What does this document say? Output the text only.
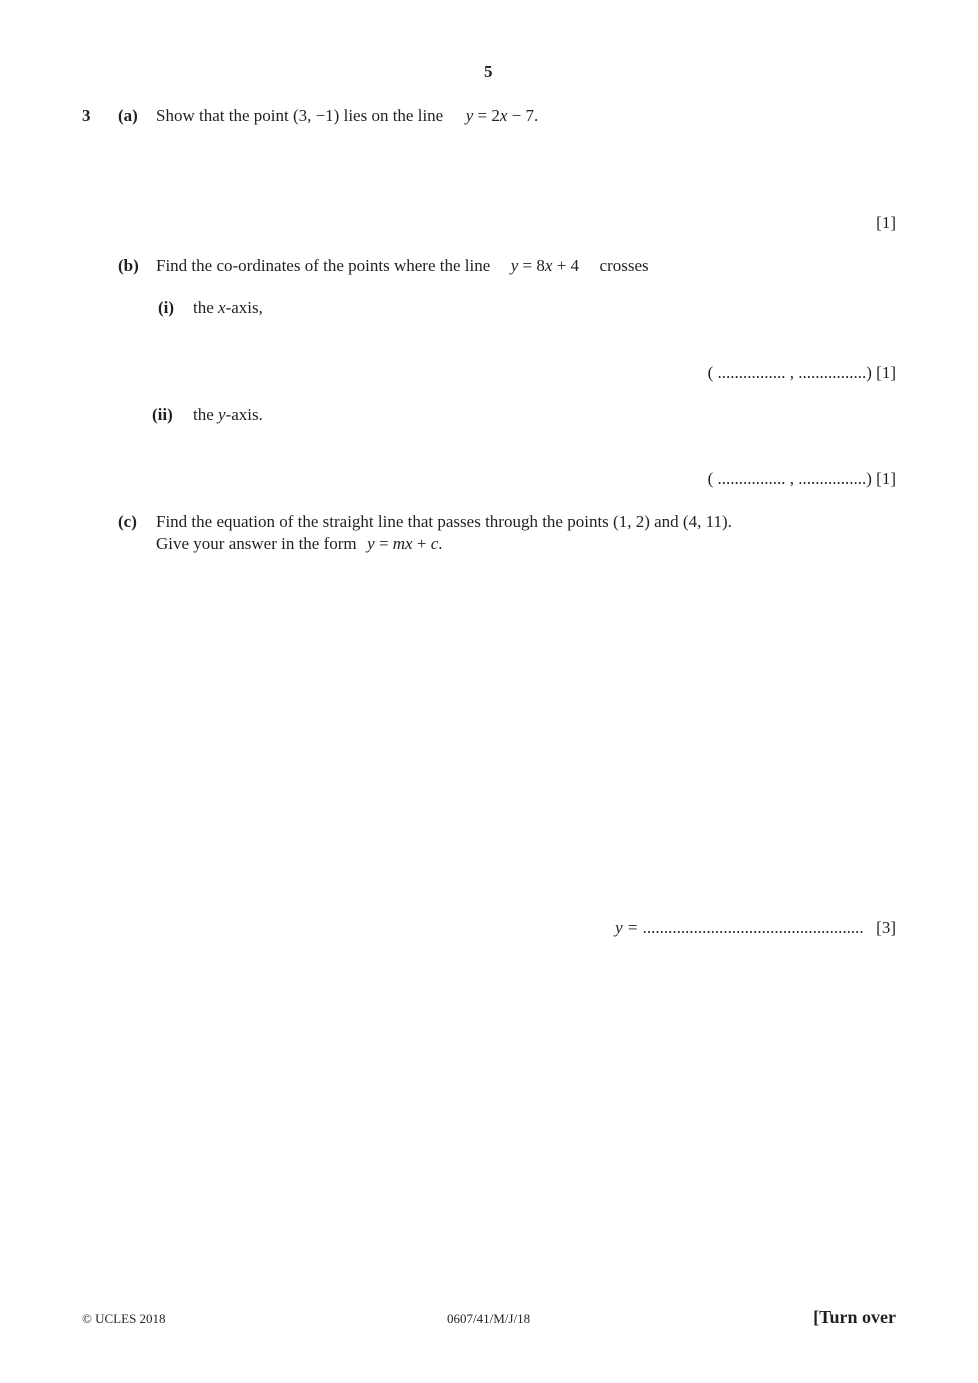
5
3 (a) Show that the point (3, −1) lies on the line y = 2x − 7.
[1]
(b) Find the co-ordinates of the points where the line y = 8x + 4 crosses
(i) the x-axis,
( ................ , ................) [1]
(ii) the y-axis.
( ................ , ................) [1]
(c) Find the equation of the straight line that passes through the points (1, 2) and (4, 11).
Give your answer in the form y = mx + c.
y = .................................................... [3]
© UCLES 2018	0607/41/M/J/18	[Turn over
